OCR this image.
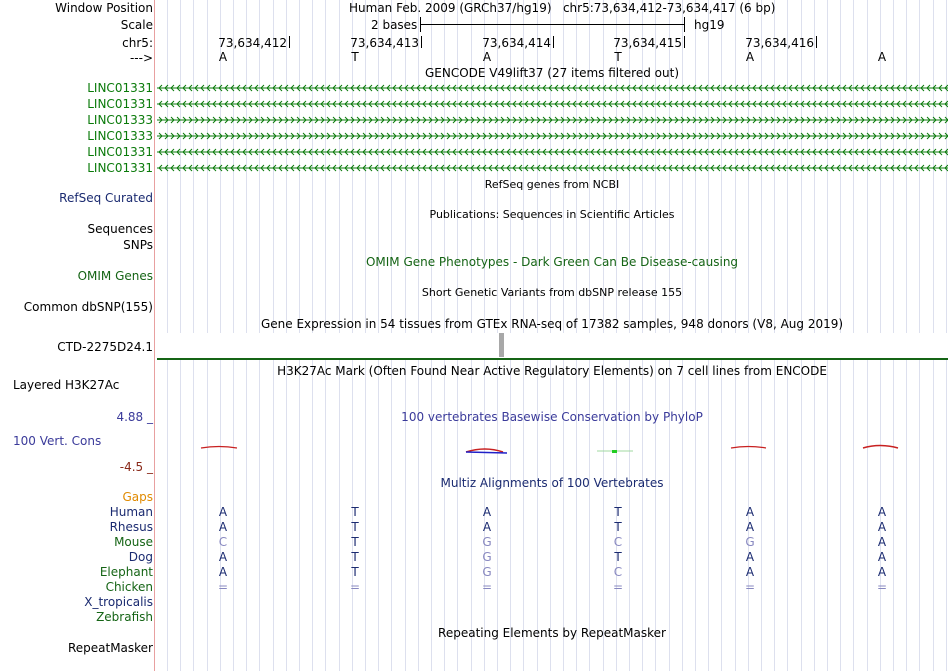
Window Position	Human Feb. 2009 (GRCh37/hg19)   chr5:73,634,412-73,634,417 (6 bp)
Scale	2 bases	hg19
chr5:	73,634,412	73,634,413	73,634,414	73,634,415	73,634,416
--->	A	T	A	T	A	A
GENCODE V49lift37 (27 items filtered out)
LINC01331
LINC01331
LINC01333
LINC01333
LINC01331
LINC01331
RefSeq Curated
RefSeq genes from NCBI
Publications: Sequences in Scientific Articles
Sequences
SNPs
OMIM Gene Phenotypes - Dark Green Can Be Disease-causing
OMIM Genes
Short Genetic Variants from dbSNP release 155
Common dbSNP(155)
Gene Expression in 54 tissues from GTEx RNA-seq of 17382 samples, 948 donors (V8, Aug 2019)
CTD-2275D24.1
H3K27Ac Mark (Often Found Near Active Regulatory Elements) on 7 cell lines from ENCODE
Layered H3K27Ac
100 vertebrates Basewise Conservation by PhyloP
4.88 _
100 Vert. Cons
-4.5 _
Multiz Alignments of 100 Vertebrates
Gaps
Human	A	T	A	T	A	A
Rhesus	A	T	A	T	A	A
Mouse	C	T	G	C	G	A
Dog	A	T	G	T	A	A
Elephant	A	T	G	C	A	A
Chicken	=	=	=	=	=	=
X_tropicalis
Zebrafish
Repeating Elements by RepeatMasker
RepeatMasker
